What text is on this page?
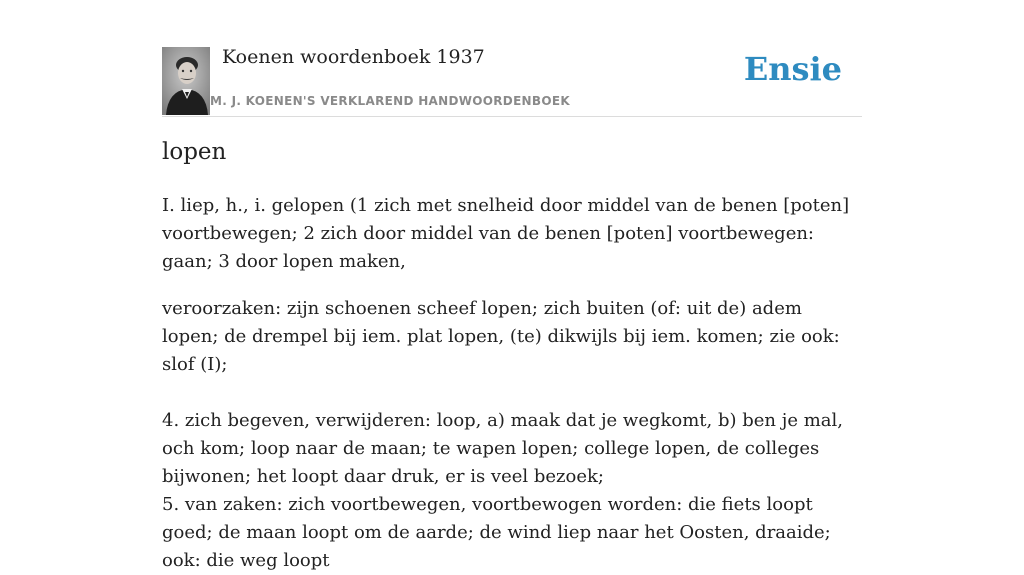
Koenen woordenboek 1937
M. J. KOENEN'S VERKLAREND HANDWOORDENBOEK
Ensie
lopen

I. liep, h., i. gelopen (1 zich met snelheid door middel van de benen [poten] voortbewegen; 2 zich door middel van de benen [poten] voortbewegen: gaan; 3 door lopen maken,

veroorzaken: zijn schoenen scheef lopen; zich buiten (of: uit de) adem lopen; de drempel bij iem. plat lopen, (te) dikwijls bij iem. komen; zie ook: slof (I);

4. zich begeven, verwijderen: loop, a) maak dat je wegkomt, b) ben je mal, och kom; loop naar de maan; te wapen lopen; college lopen, de colleges bijwonen; het loopt daar druk, er is veel bezoek;

5. van zaken: zich voortbewegen, voortbewogen worden: die fiets loopt goed; de maan loopt om de aarde; de wind liep naar het Oosten, draaide; ook: die weg loopt
